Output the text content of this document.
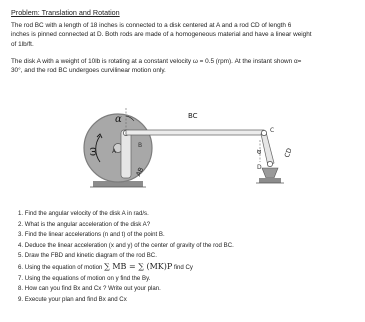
Problem: Translation and Rotation

The rod BC with a length of 18 inches is connected to a disk centered at A and a rod CD of length 6
inches is pinned connected at D. Both rods are made of a homogeneous material and have a linear weight
of 1lb/ft.

The disk A with a weight of 10lb is rotating at a constant velocity ω = 0.5 (rpm). At the instant shown α=
30°, and the rod BC undergoes curvilinear motion only.

α
B
A
ω
AB
BC
C
D
α	CD
1. Find the angular velocity of the disk A in rad/s.
2. What is the angular acceleration of the disk A?
3. Find the linear accelerations (n and t) of the point B.
4. Deduce the linear acceleration (x and y) of the center of gravity of the rod BC.
5. Draw the FBD and kinetic diagram of the rod BC.
6. Using the equation of motion ∑ MB = ∑ (MK)P find Cy
7. Using the equations of motion on y find the By.
8. How can you find Bx and Cx ? Write out your plan.
9. Execute your plan and find Bx and Cx
